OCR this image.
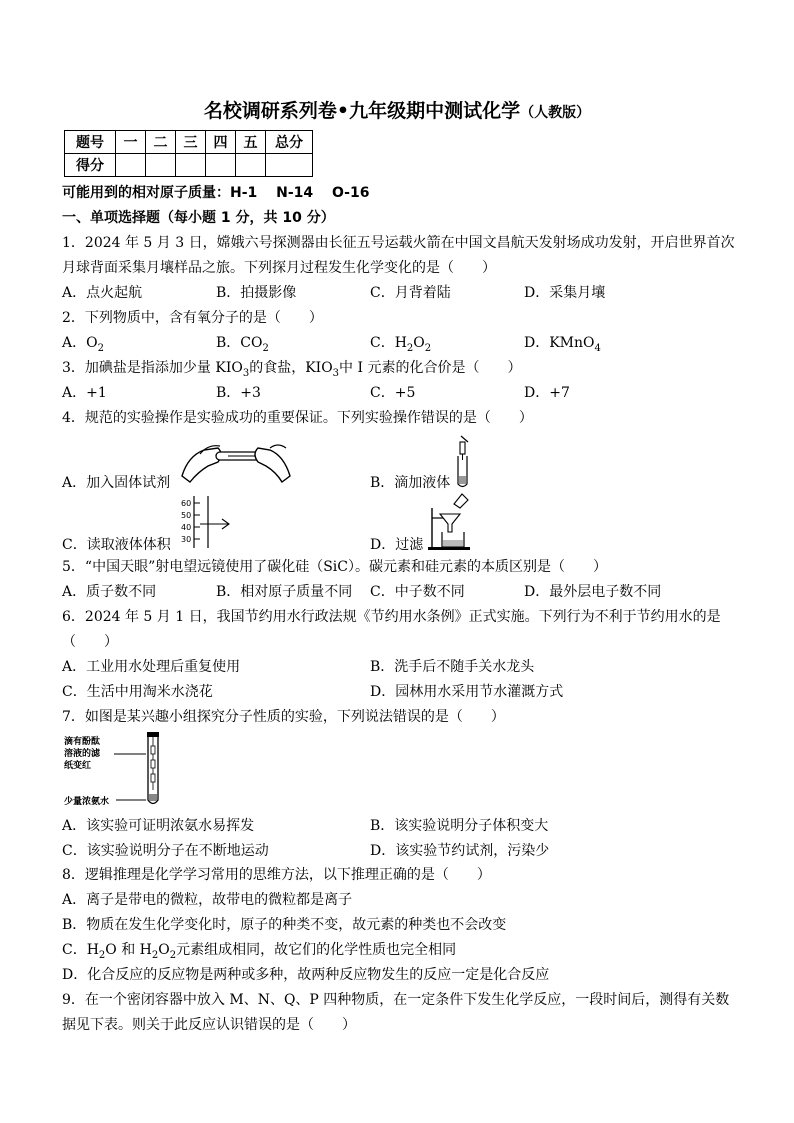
名校调研系列卷•九年级期中测试化学（人教版）
题号	一	二	三	四	五	总分
得分						
可能用到的相对原子质量：H-1　 N-14　 O-16
一、单项选择题（每小题 1 分，共 10 分）
1．2024 年 5 月 3 日，嫦娥六号探测器由长征五号运载火箭在中国文昌航天发射场成功发射，开启世界首次
月球背面采集月壤样品之旅。下列探月过程发生化学变化的是（　　）
A．点火起航	B．拍摄影像	C．月背着陆	D．采集月壤
2．下列物质中，含有氧分子的是（　　）
A．$O_2$	B．$CO_2$	C．$H_2O_2$	D．KMnO$_4$
3．加碘盐是指添加少量 $KIO_3$的食盐，$KIO_3$中 I 元素的化合价是（　　）
A．+1	B．+3	C．+5	D．+7
4．规范的实验操作是实验成功的重要保证。下列实验操作错误的是（　　）
A．加入固体试剂	B．滴加液体
C．读取液体体积	D．过滤
60
50
40
30
5．“中国天眼”射电望远镜使用了碳化硅（SiC）。碳元素和硅元素的本质区别是（　　）
A．质子数不同	B．相对原子质量不同 C．中子数不同	D．最外层电子数不同
6．2024 年 5 月 1 日，我国节约用水行政法规《节约用水条例》正式实施。下列行为不利于节约用水的是
（　　）
A．工业用水处理后重复使用	B．洗手后不随手关水龙头
C．生活中用淘米水浇花	D．园林用水采用节水灌溉方式
7．如图是某兴趣小组探究分子性质的实验，下列说法错误的是（　　）
滴有酚酞
溶液的滤
纸变红
少量浓氨水
A．该实验可证明浓氨水易挥发	B．该实验说明分子体积变大
C．该实验说明分子在不断地运动	D．该实验节约试剂，污染少
8．逻辑推理是化学学习常用的思维方法，以下推理正确的是（　　）
A．离子是带电的微粒，故带电的微粒都是离子
B．物质在发生化学变化时，原子的种类不变，故元素的种类也不会改变
C．$H_2O$ 和 $H_2O_2$元素组成相同，故它们的化学性质也完全相同
D．化合反应的反应物是两种或多种，故两种反应物发生的反应一定是化合反应
9．在一个密闭容器中放入 M、N、Q、P 四种物质，在一定条件下发生化学反应，一段时间后，测得有关数
据见下表。则关于此反应认识错误的是（　　）
